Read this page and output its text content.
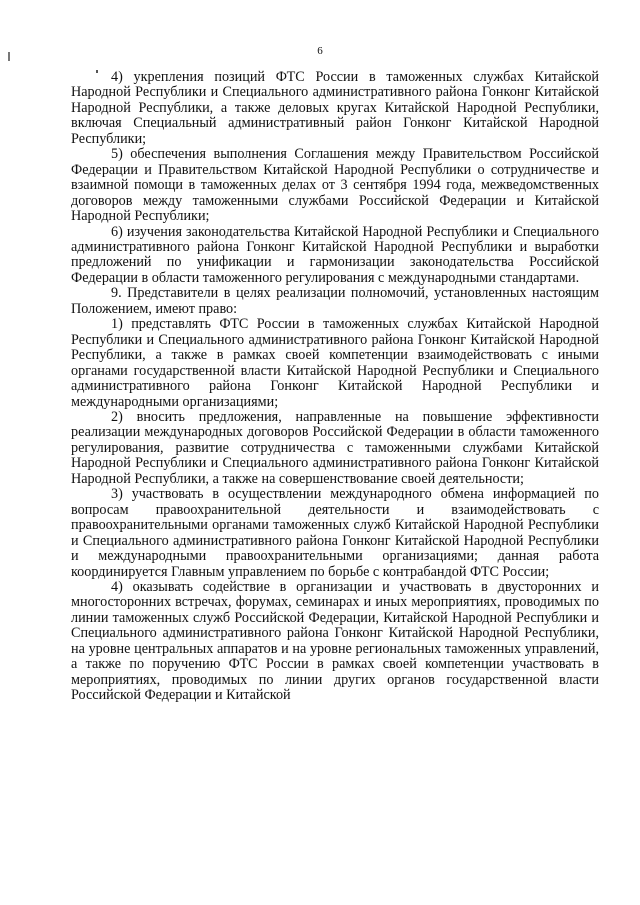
6

4) укрепления позиций ФТС России в таможенных службах Китайской Народной Республики и Специального административного района Гонконг Китайской Народной Республики, а также деловых кругах Китайской Народной Республики, включая Специальный административный район Гонконг Китайской Народной Республики;

5) обеспечения выполнения Соглашения между Правительством Российской Федерации и Правительством Китайской Народной Республики о сотрудничестве и взаимной помощи в таможенных делах от 3 сентября 1994 года, межведомственных договоров между таможенными службами Российской Федерации и Китайской Народной Республики;

6) изучения законодательства Китайской Народной Республики и Специального административного района Гонконг Китайской Народной Республики и выработки предложений по унификации и гармонизации законодательства Российской Федерации в области таможенного регулирования с международными стандартами.

9. Представители в целях реализации полномочий, установленных настоящим Положением, имеют право:

1) представлять ФТС России в таможенных службах Китайской Народной Республики и Специального административного района Гонконг Китайской Народной Республики, а также в рамках своей компетенции взаимодействовать с иными органами государственной власти Китайской Народной Республики и Специального административного района Гонконг Китайской Народной Республики и международными организациями;

2) вносить предложения, направленные на повышение эффективности реализации международных договоров Российской Федерации в области таможенного регулирования, развитие сотрудничества с таможенными службами Китайской Народной Республики и Специального административного района Гонконг Китайской Народной Республики, а также на совершенствование своей деятельности;

3) участвовать в осуществлении международного обмена информацией по вопросам правоохранительной деятельности и взаимодействовать с правоохранительными органами таможенных служб Китайской Народной Республики и Специального административного района Гонконг Китайской Народной Республики и международными правоохранительными организациями; данная работа координируется Главным управлением по борьбе с контрабандой ФТС России;

4) оказывать содействие в организации и участвовать в двусторонних и многосторонних встречах, форумах, семинарах и иных мероприятиях, проводимых по линии таможенных служб Российской Федерации, Китайской Народной Республики и Специального административного района Гонконг Китайской Народной Республики, на уровне центральных аппаратов и на уровне региональных таможенных управлений, а также по поручению ФТС России в рамках своей компетенции участвовать в мероприятиях, проводимых по линии других органов государственной власти Российской Федерации и Китайской
